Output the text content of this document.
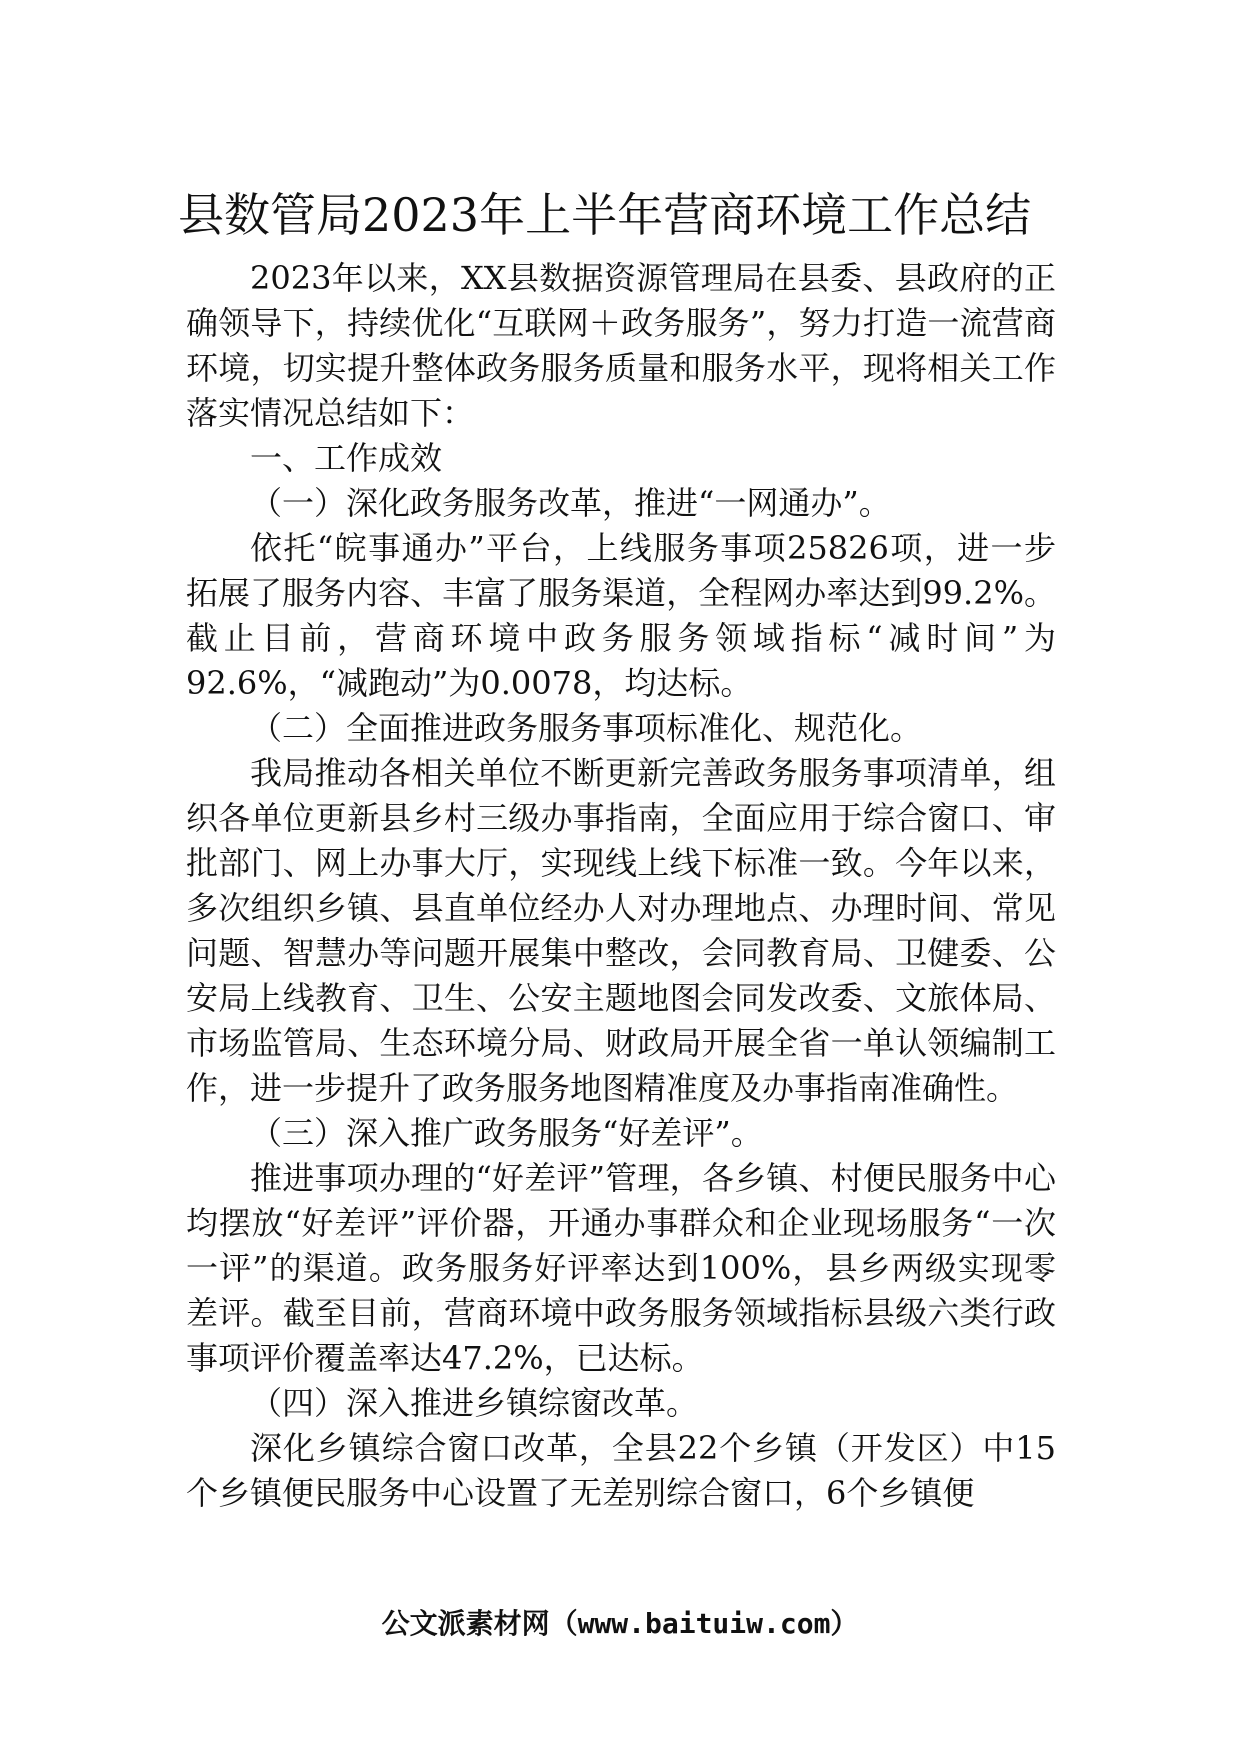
县数管局2023年上半年营商环境工作总结

2023年以来，XX县数据资源管理局在县委、县政府的正确领导下，持续优化“互联网＋政务服务”，努力打造一流营商环境，切实提升整体政务服务质量和服务水平，现将相关工作落实情况总结如下：

一、工作成效

（一）深化政务服务改革，推进“一网通办”。

依托“皖事通办”平台，上线服务事项25826项，进一步拓展了服务内容、丰富了服务渠道，全程网办率达到99.2%。截止目前，营商环境中政务服务领域指标“减时间”为92.6%，“减跑动”为0.0078，均达标。

（二）全面推进政务服务事项标准化、规范化。

我局推动各相关单位不断更新完善政务服务事项清单，组织各单位更新县乡村三级办事指南，全面应用于综合窗口、审批部门、网上办事大厅，实现线上线下标准一致。今年以来，多次组织乡镇、县直单位经办人对办理地点、办理时间、常见问题、智慧办等问题开展集中整改，会同教育局、卫健委、公安局上线教育、卫生、公安主题地图会同发改委、文旅体局、市场监管局、生态环境分局、财政局开展全省一单认领编制工作，进一步提升了政务服务地图精准度及办事指南准确性。

（三）深入推广政务服务“好差评”。

推进事项办理的“好差评”管理，各乡镇、村便民服务中心均摆放“好差评”评价器，开通办事群众和企业现场服务“一次一评”的渠道。政务服务好评率达到100%，县乡两级实现零差评。截至目前，营商环境中政务服务领域指标县级六类行政事项评价覆盖率达47.2%，已达标。

（四）深入推进乡镇综窗改革。

深化乡镇综合窗口改革，全县22个乡镇（开发区）中15个乡镇便民服务中心设置了无差别综合窗口，6个乡镇便

公文派素材网（www.baituiw.com）
